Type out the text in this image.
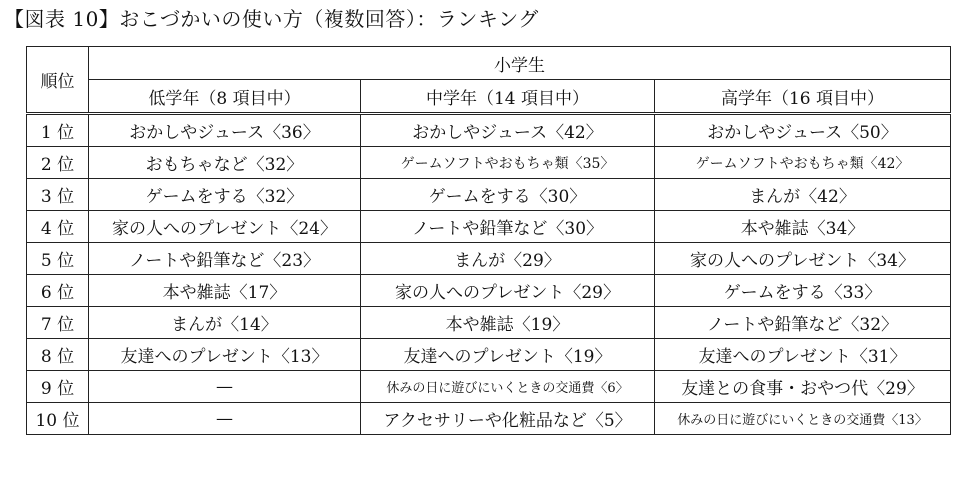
【図表 10】おこづかいの使い方（複数回答）：ランキング
順位	小学生		
	低学年（8 項目中）	中学年（14 項目中）	高学年（16 項目中）
1 位	おかしやジュース〈36〉	おかしやジュース〈42〉	おかしやジュース〈50〉
2 位	おもちゃなど〈32〉	ゲームソフトやおもちゃ類〈35〉	ゲームソフトやおもちゃ類〈42〉
3 位	ゲームをする〈32〉	ゲームをする〈30〉	まんが〈42〉
4 位	家の人へのプレゼント〈24〉	ノートや鉛筆など〈30〉	本や雑誌〈34〉
5 位	ノートや鉛筆など〈23〉	まんが〈29〉	家の人へのプレゼント〈34〉
6 位	本や雑誌〈17〉	家の人へのプレゼント〈29〉	ゲームをする〈33〉
7 位	まんが〈14〉	本や雑誌〈19〉	ノートや鉛筆など〈32〉
8 位	友達へのプレゼント〈13〉	友達へのプレゼント〈19〉	友達へのプレゼント〈31〉
9 位	—	休みの日に遊びにいくときの交通費〈6〉	友達との食事・おやつ代〈29〉
10 位	—	アクセサリーや化粧品など〈5〉	休みの日に遊びにいくときの交通費〈13〉
